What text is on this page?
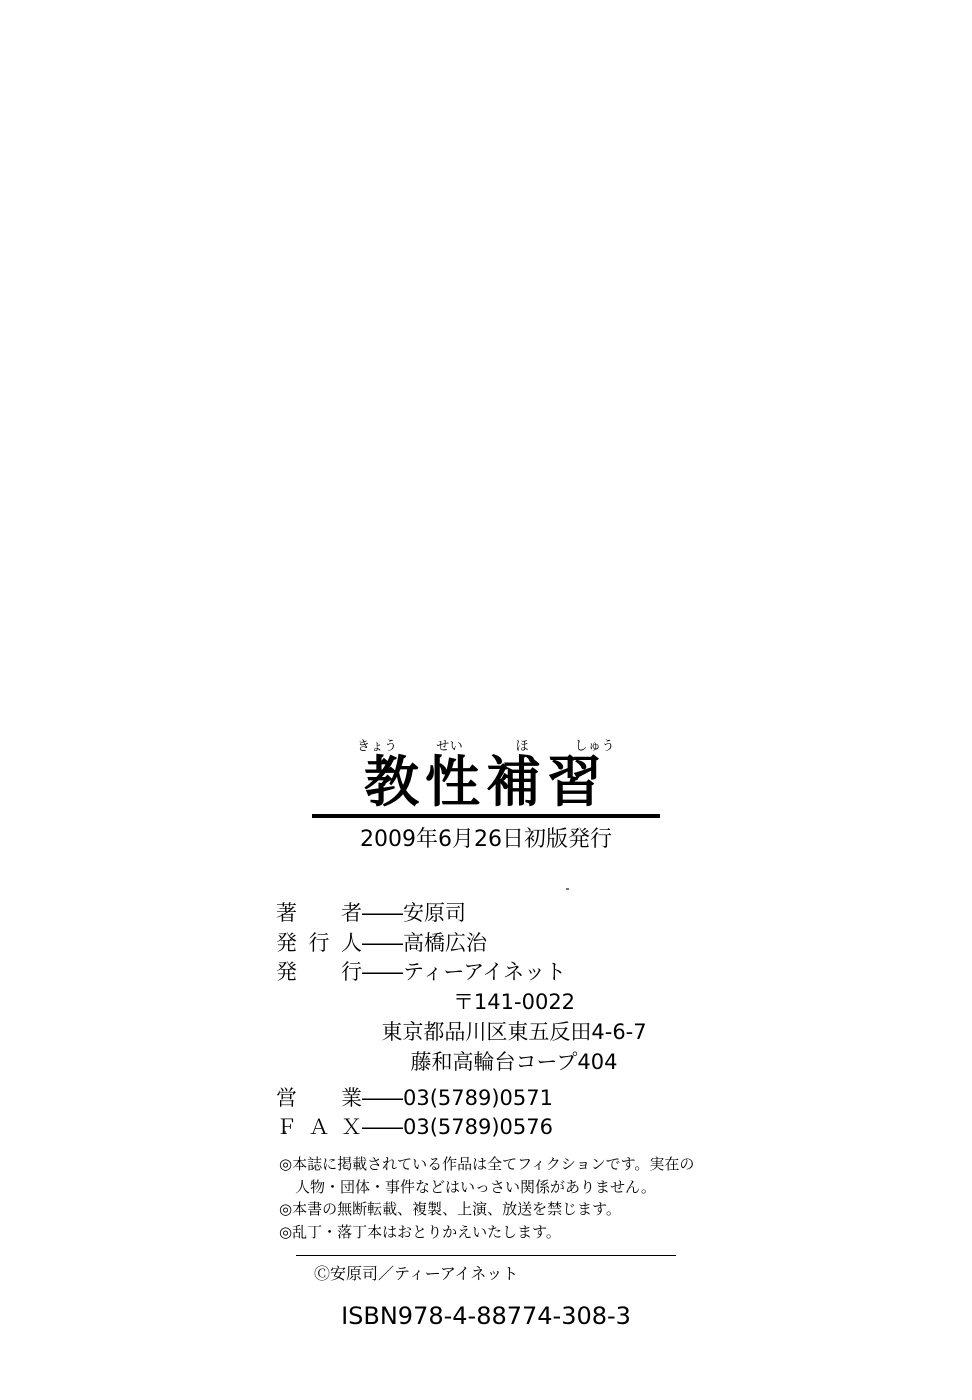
きょう	せい	ほ	しゅう
教性補習
2009年6月26日初版発行
著　者 ―― 安原司
発行人 ―― 高橋広治
発　行 ―― ティーアイネット
〒141-0022
東京都品川区東五反田4-6-7
藤和高輪台コープ404
営　業 ―― 03(5789)0571
ＦＡＸ ―― 03(5789)0576
◎本誌に掲載されている作品は全てフィクションです。実在の
人物・団体・事件などはいっさい関係がありません。
◎本書の無断転載、複製、上演、放送を禁じます。
◎乱丁・落丁本はおとりかえいたします。
Ⓒ安原司／ティーアイネット
ISBN978-4-88774-308-3
